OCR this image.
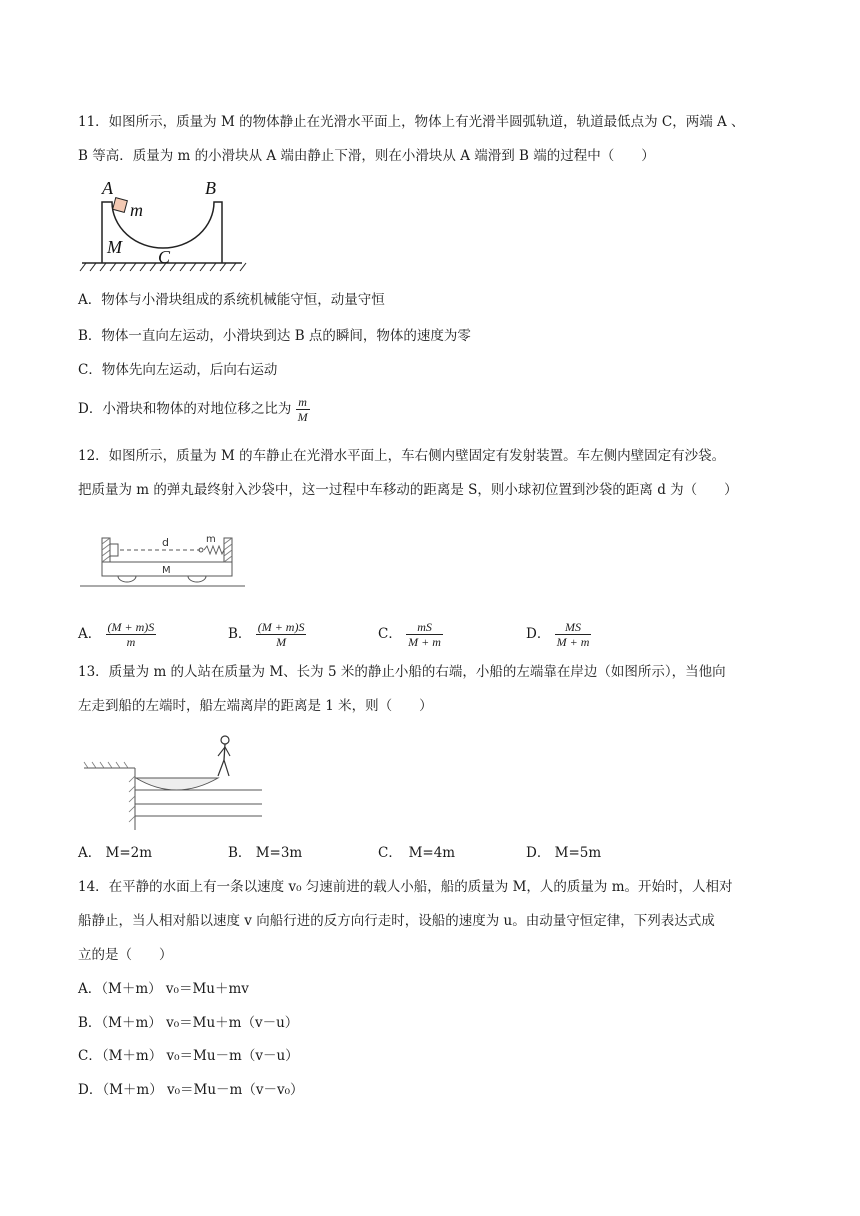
11．如图所示，质量为 M 的物体静止在光滑水平面上，物体上有光滑半圆弧轨道，轨道最低点为 C，两端 A 、
B 等高．质量为 m 的小滑块从 A 端由静止下滑，则在小滑块从 A 端滑到 B 端的过程中（　　）
A	B
m
M C
A．物体与小滑块组成的系统机械能守恒，动量守恒
B．物体一直向左运动，小滑块到达 B 点的瞬间，物体的速度为零
C．物体先向左运动，后向右运动
D．小滑块和物体的对地位移之比为 $\frac{m}{M}$
12．如图所示，质量为 M 的车静止在光滑水平面上，车右侧内壁固定有发射装置。车左侧内壁固定有沙袋。
把质量为 m 的弹丸最终射入沙袋中，这一过程中车移动的距离是 S，则小球初位置到沙袋的距离 d 为（　　）
d	m
M
A． $\frac{(M + m)S}{m}$	B． $\frac{(M + m)S}{M}$	C． $\frac{mS}{M + m}$	D． $\frac{MS}{M + m}$
13．质量为 m 的人站在质量为 M、长为 5 米的静止小船的右端，小船的左端靠在岸边（如图所示），当他向
左走到船的左端时，船左端离岸的距离是 1 米，则（　　）
A． M=2m	B． M=3m	C．　M=4m	D． M=5m
14．在平静的水面上有一条以速度 v₀ 匀速前进的载人小船，船的质量为 M，人的质量为 m。开始时，人相对
船静止，当人相对船以速度 v 向船行进的反方向行走时，设船的速度为 u。由动量守恒定律，下列表达式成
立的是（　　）
A．（M＋m） v₀＝Mu＋mv
B．（M＋m） v₀＝Mu＋m（v－u）
C．（M＋m） v₀＝Mu－m（v－u）
D．（M＋m） v₀＝Mu－m（v－v₀）
